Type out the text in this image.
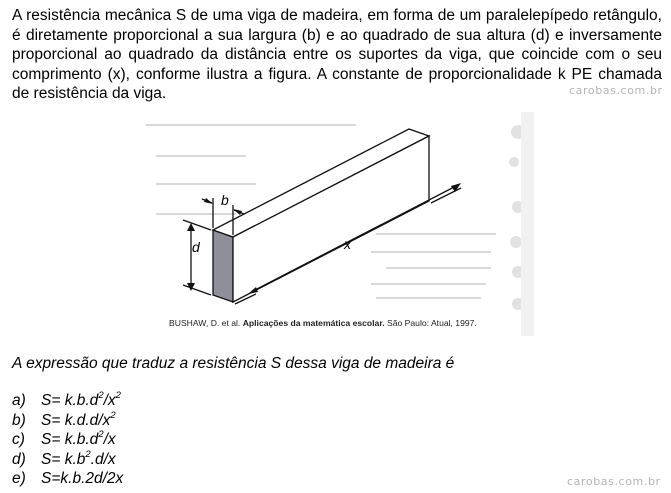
A resistência mecânica S de uma viga de madeira, em forma de um paralelepípedo retângulo, é diretamente proporcional a sua largura (b) e ao quadrado de sua altura (d) e inversamente proporcional ao quadrado da distância entre os suportes da viga, que coincide com o seu comprimento (x), conforme ilustra a figura. A constante de proporcionalidade k PE chamada de resistência da viga.	carobas.com.br
b
d	x
BUSHAW, D. et al. Aplicações da matemática escolar. São Paulo: Atual, 1997.

A expressão que traduz a resistência S dessa viga de madeira é

a) $S= k.b.d^2/x^2$
b) $S= k.d.d/x^2$
c) $S= k.b.d^2/x$
d) $S= k.b^2.d/x$
e) S=k.b.2d/2x	carobas.com.br
